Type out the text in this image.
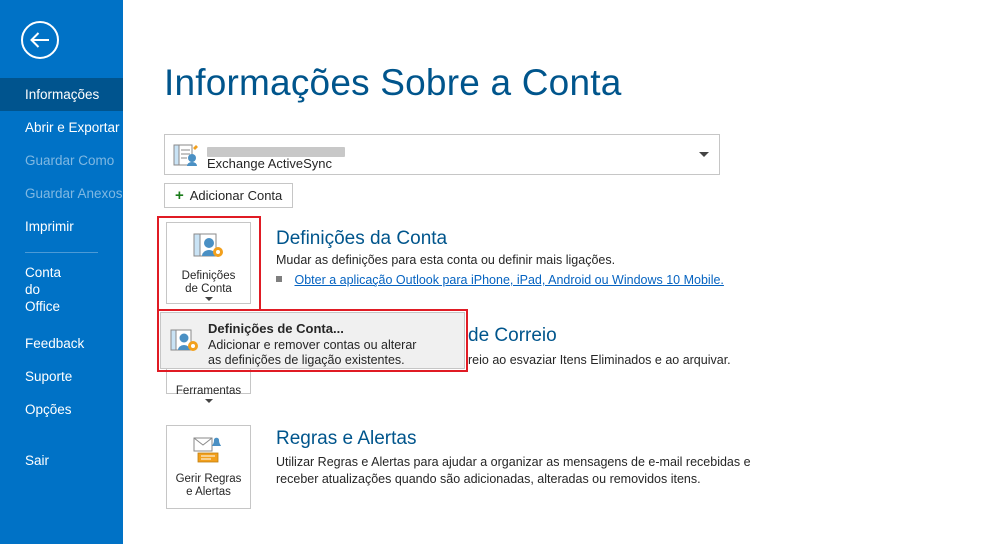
Informações
Abrir e Exportar
Guardar Como
Guardar Anexos
Imprimir
Conta
do
Office
Feedback
Suporte
Opções
Sair
Informações Sobre a Conta
Exchange ActiveSync
+ Adicionar Conta
Definições
de Conta
Definições da Conta
Mudar as definições para esta conta ou definir mais ligações.
Obter a aplicação Outlook para iPhone, iPad, Android ou Windows 10 Mobile.
Ferramentas
de Correio
reio ao esvaziar Itens Eliminados e ao arquivar.
Gerir Regras
e Alertas
Regras e Alertas
Utilizar Regras e Alertas para ajudar a organizar as mensagens de e-mail recebidas e
receber atualizações quando são adicionadas, alteradas ou removidos itens.
Definições de Conta...
Adicionar e remover contas ou alterar
as definições de ligação existentes.
